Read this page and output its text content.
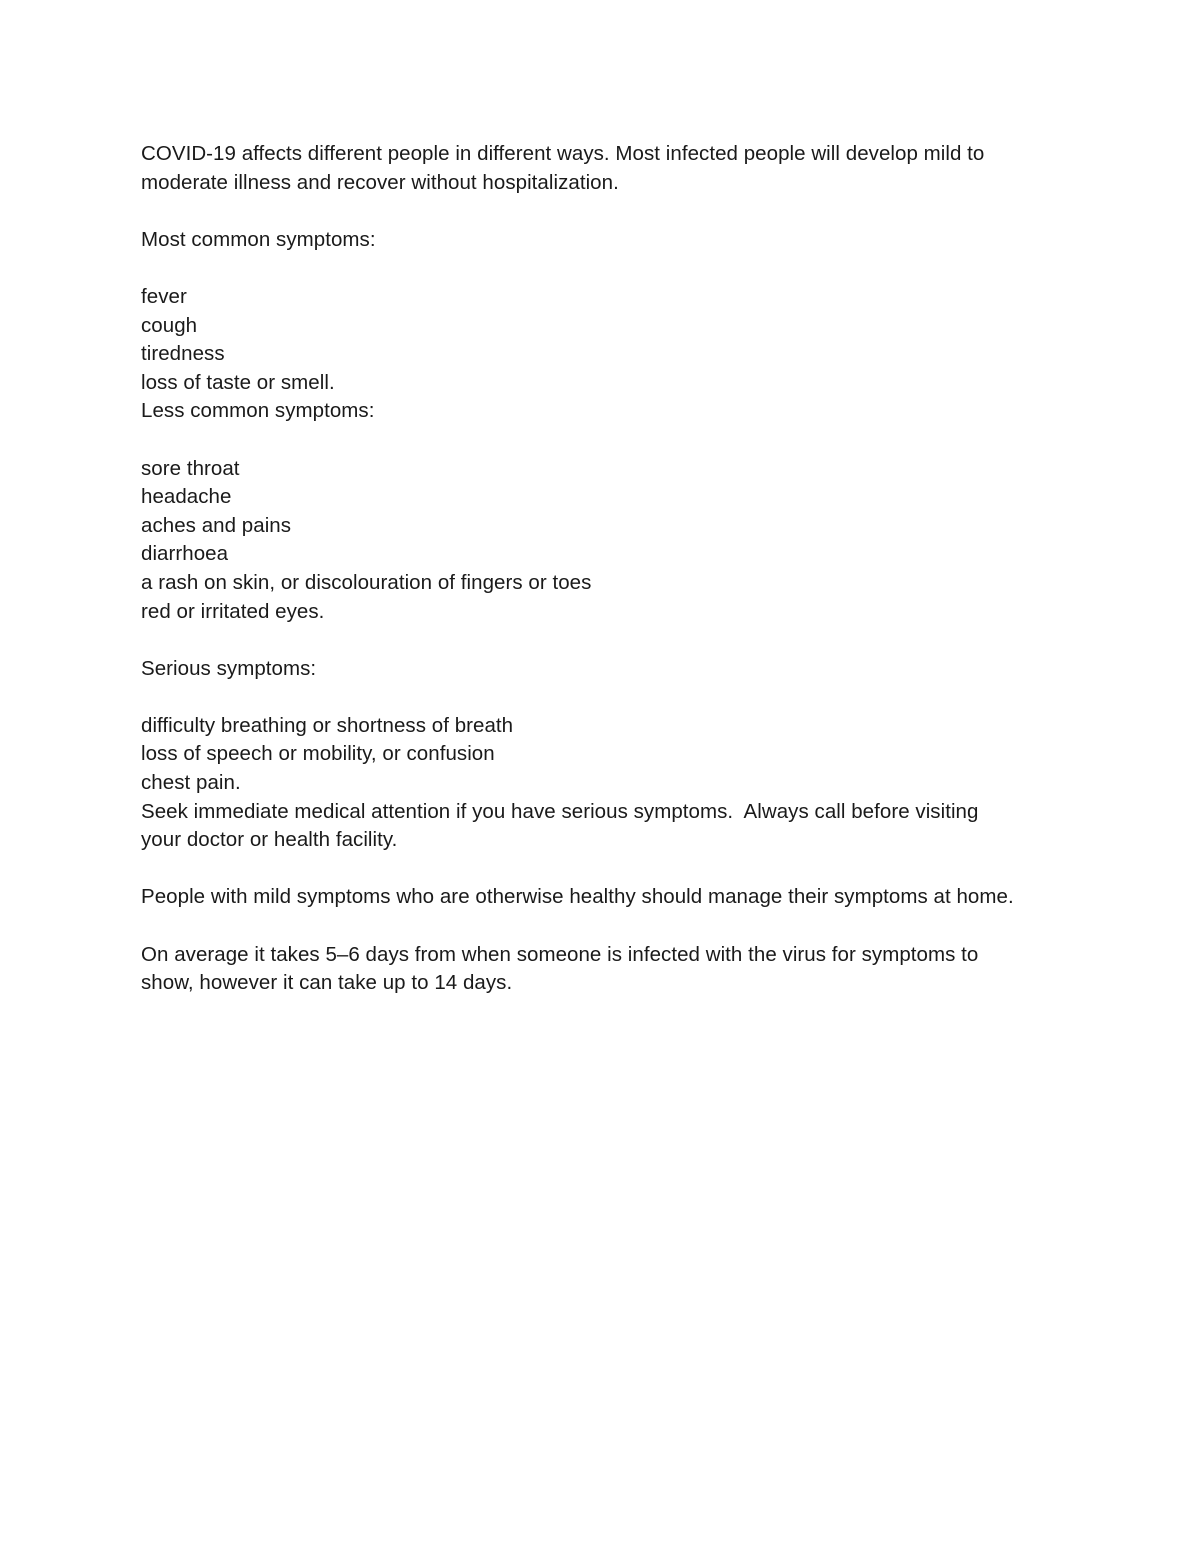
COVID-19 affects different people in different ways. Most infected people will develop mild to
moderate illness and recover without hospitalization.
Most common symptoms:
fever
cough
tiredness
loss of taste or smell.
Less common symptoms:
sore throat
headache
aches and pains
diarrhoea
a rash on skin, or discolouration of fingers or toes
red or irritated eyes.
Serious symptoms:
difficulty breathing or shortness of breath
loss of speech or mobility, or confusion
chest pain.
Seek immediate medical attention if you have serious symptoms.  Always call before visiting
your doctor or health facility.
People with mild symptoms who are otherwise healthy should manage their symptoms at home.
On average it takes 5–6 days from when someone is infected with the virus for symptoms to
show, however it can take up to 14 days.
